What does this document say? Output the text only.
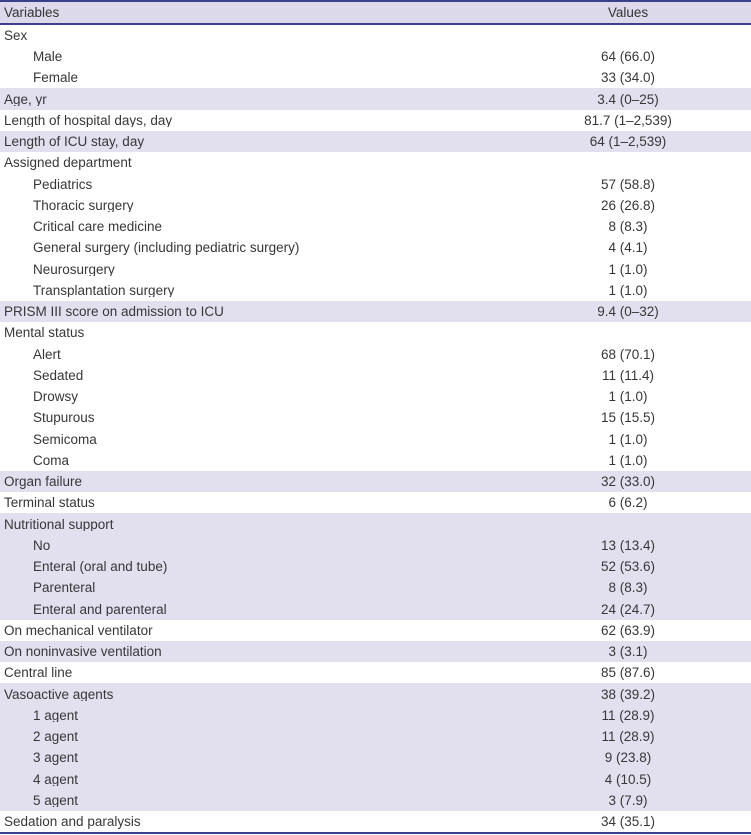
Variables	Values
Sex
Male	64 (66.0)
Female	33 (34.0)
Age, yr	3.4 (0–25)
Length of hospital days, day	81.7 (1–2,539)
Length of ICU stay, day	64 (1–2,539)
Assigned department
Pediatrics	57 (58.8)
Thoracic surgery	26 (26.8)
Critical care medicine	8 (8.3)
General surgery (including pediatric surgery)	4 (4.1)
Neurosurgery	1 (1.0)
Transplantation surgery	1 (1.0)
PRISM III score on admission to ICU	9.4 (0–32)
Mental status
Alert	68 (70.1)
Sedated	11 (11.4)
Drowsy	1 (1.0)
Stupurous	15 (15.5)
Semicoma	1 (1.0)
Coma	1 (1.0)
Organ failure	32 (33.0)
Terminal status	6 (6.2)
Nutritional support
No	13 (13.4)
Enteral (oral and tube)	52 (53.6)
Parenteral	8 (8.3)
Enteral and parenteral	24 (24.7)
On mechanical ventilator	62 (63.9)
On noninvasive ventilation	3 (3.1)
Central line	85 (87.6)
Vasoactive agents	38 (39.2)
1 agent	11 (28.9)
2 agent	11 (28.9)
3 agent	9 (23.8)
4 agent	4 (10.5)
5 agent	3 (7.9)
Sedation and paralysis	34 (35.1)
